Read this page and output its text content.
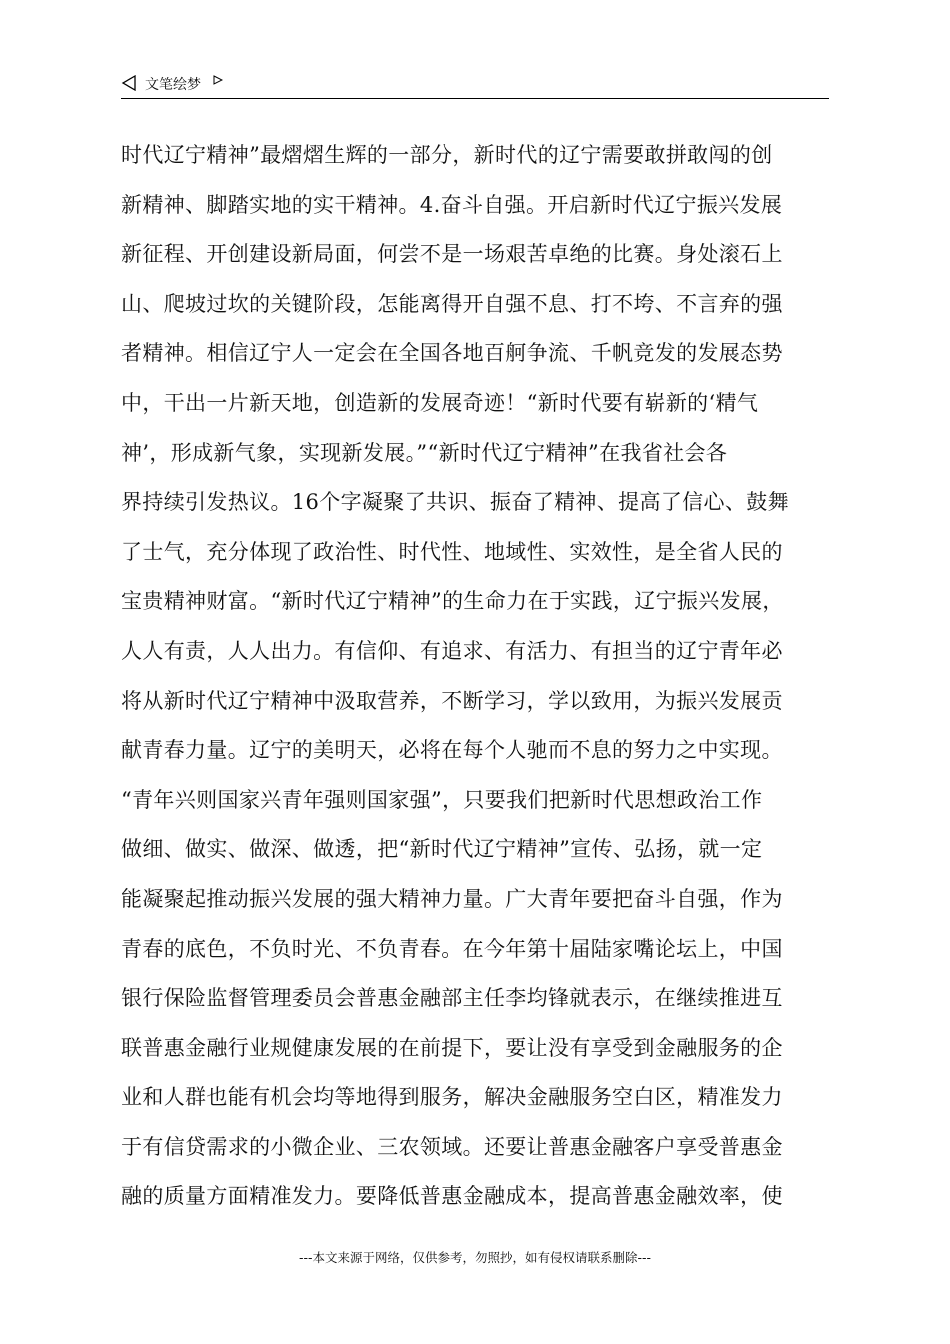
文笔绘梦
时代辽宁精神”最熠熠生辉的一部分，新时代的辽宁需要敢拼敢闯的创
新精神、脚踏实地的实干精神。4.奋斗自强。开启新时代辽宁振兴发展
新征程、开创建设新局面，何尝不是一场艰苦卓绝的比赛。身处滚石上
山、爬坡过坎的关键阶段，怎能离得开自强不息、打不垮、不言弃的强
者精神。相信辽宁人一定会在全国各地百舸争流、千帆竞发的发展态势
中，干出一片新天地，创造新的发展奇迹！“新时代要有崭新的‘精气
神’，形成新气象，实现新发展。”“新时代辽宁精神”在我省社会各
界持续引发热议。16个字凝聚了共识、振奋了精神、提高了信心、鼓舞
了士气，充分体现了政治性、时代性、地域性、实效性，是全省人民的
宝贵精神财富。“新时代辽宁精神”的生命力在于实践，辽宁振兴发展，
人人有责，人人出力。有信仰、有追求、有活力、有担当的辽宁青年必
将从新时代辽宁精神中汲取营养，不断学习，学以致用，为振兴发展贡
献青春力量。辽宁的美明天，必将在每个人驰而不息的努力之中实现。
“青年兴则国家兴青年强则国家强”，只要我们把新时代思想政治工作
做细、做实、做深、做透，把“新时代辽宁精神”宣传、弘扬，就一定
能凝聚起推动振兴发展的强大精神力量。广大青年要把奋斗自强，作为
青春的底色，不负时光、不负青春。在今年第十届陆家嘴论坛上，中国
银行保险监督管理委员会普惠金融部主任李均锋就表示，在继续推进互
联普惠金融行业规健康发展的在前提下，要让没有享受到金融服务的企
业和人群也能有机会均等地得到服务，解决金融服务空白区，精准发力
于有信贷需求的小微企业、三农领域。还要让普惠金融客户享受普惠金
融的质量方面精准发力。要降低普惠金融成本，提高普惠金融效率，使
---本文来源于网络，仅供参考，勿照抄，如有侵权请联系删除---
